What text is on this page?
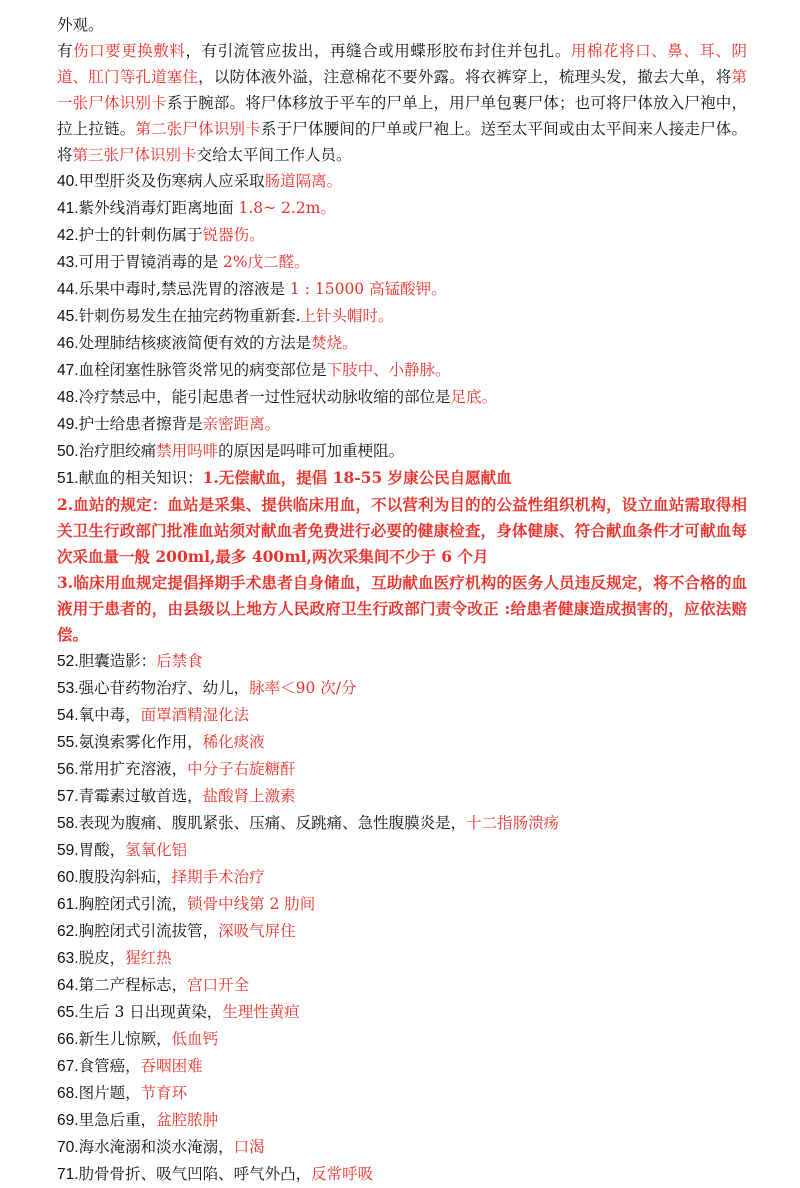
外观。

有伤口要更换敷料，有引流管应拔出，再缝合或用蝶形胶布封住并包扎。用棉花将口、鼻、耳、阴道、肛门等孔道塞住，以防体液外溢，注意棉花不要外露。将衣裤穿上，梳理头发，撤去大单，将第一张尸体识别卡系于腕部。将尸体移放于平车的尸单上，用尸单包裹尸体；也可将尸体放入尸袍中，拉上拉链。第二张尸体识别卡系于尸体腰间的尸单或尸袍上。送至太平间或由太平间来人接走尸体。将第三张尸体识别卡交给太平间工作人员。

40.甲型肝炎及伤寒病人应采取肠道隔离。

41.紫外线消毒灯距离地面 1.8~ 2.2m。

42.护士的针刺伤属于锐器伤。

43.可用于胃镜消毒的是 2%戊二醛。

44.乐果中毒时,禁忌洗胃的溶液是 1 : 15000 高锰酸钾。

45.针刺伤易发生在抽完药物重新套.上针头帽时。

46.处理肺结核痰液简便有效的方法是焚烧。

47.血栓闭塞性脉管炎常见的病变部位是下肢中、小静脉。

48.冷疗禁忌中，能引起患者一过性冠状动脉收缩的部位是足底。

49.护士给患者擦背是亲密距离。

50.治疗胆绞痛禁用吗啡的原因是吗啡可加重梗阻。

51.献血的相关知识：1.无偿献血，提倡 18-55 岁康公民自愿献血

2.血站的规定：血站是采集、提供临床用血，不以营利为目的的公益性组织机构，设立血站需取得相关卫生行政部门批准血站须对献血者免费进行必要的健康检查，身体健康、符合献血条件才可献血每次采血量一般 200ml,最多 400ml,两次采集间不少于 6 个月

3.临床用血规定提倡择期手术患者自身储血，互助献血医疗机构的医务人员违反规定，将不合格的血液用于患者的，由县级以上地方人民政府卫生行政部门责令改正 :给患者健康造成损害的，应依法赔偿。

52.胆囊造影：后禁食

53.强心苷药物治疗、幼儿，脉率＜90 次/分

54.氧中毒，面罩酒精湿化法

55.氨溴索雾化作用，稀化痰液

56.常用扩充溶液，中分子右旋糖酐

57.青霉素过敏首选，盐酸肾上激素

58.表现为腹痛、腹肌紧张、压痛、反跳痛、急性腹膜炎是，十二指肠溃疡

59.胃酸，氢氧化铝

60.腹股沟斜疝，择期手术治疗

61.胸腔闭式引流，锁骨中线第 2 肋间

62.胸腔闭式引流拔管，深吸气屏住

63.脱皮，猩红热

64.第二产程标志，宫口开全

65.生后 3 日出现黄染，生理性黄疸

66.新生儿惊厥，低血钙

67.食管癌，吞咽困难

68.图片题，节育环

69.里急后重，盆腔脓肿

70.海水淹溺和淡水淹溺，口渴

71.肋骨骨折、吸气凹陷、呼气外凸，反常呼吸
